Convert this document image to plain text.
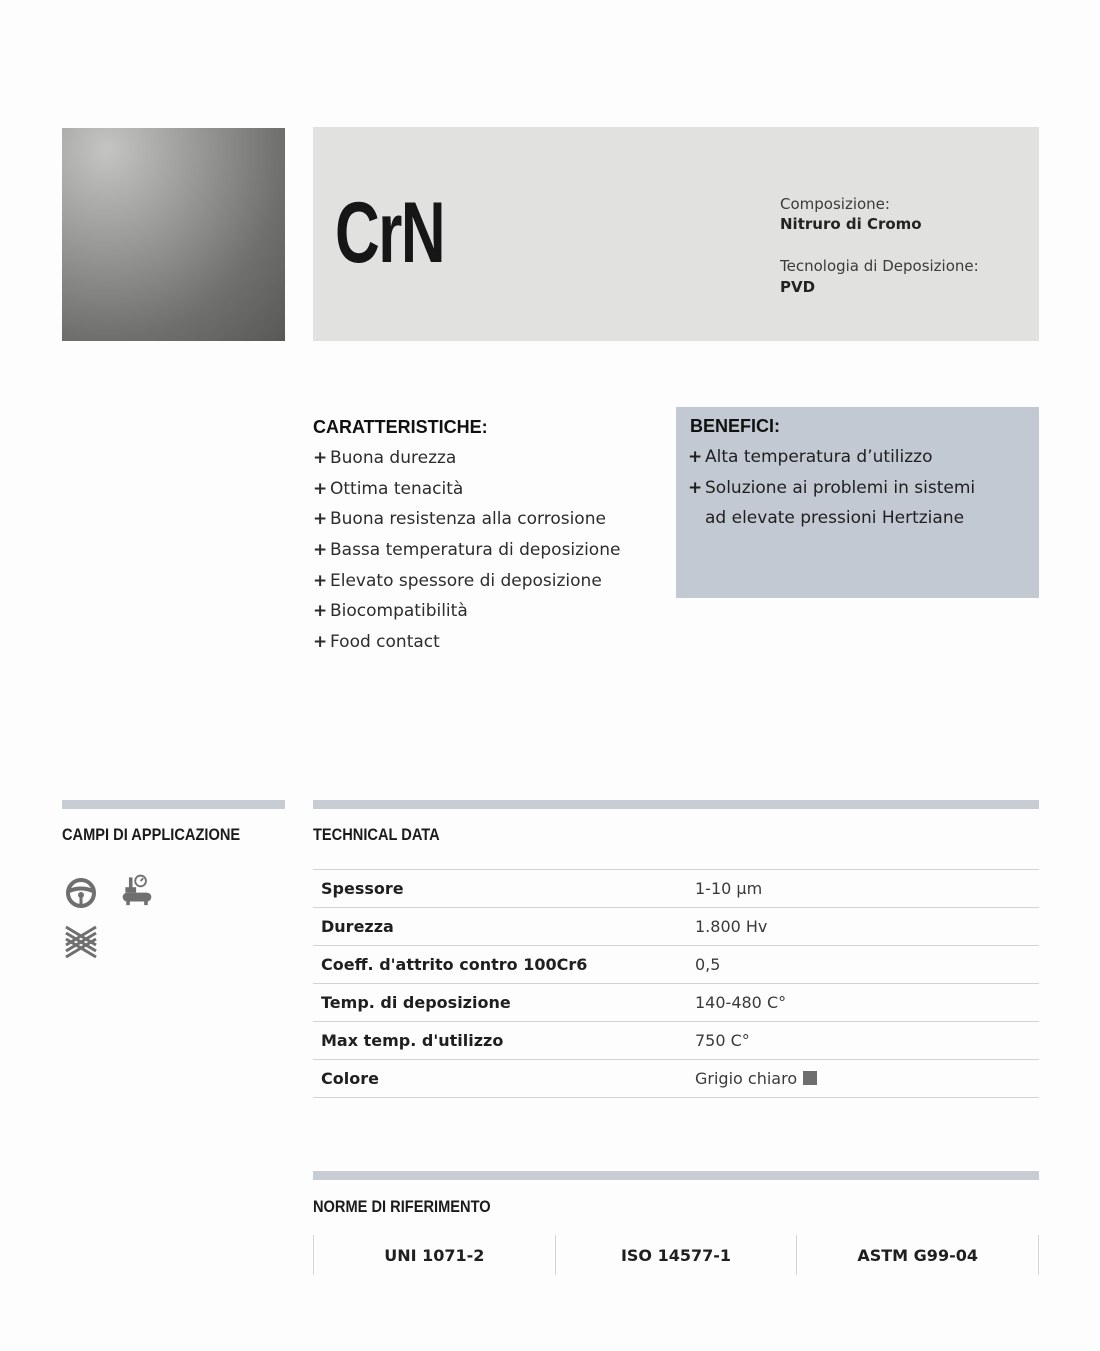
CrN	Composizione:
Nitruro di Cromo
Tecnologia di Deposizione:
PVD
CARATTERISTICHE:
+ Buona durezza
+ Ottima tenacità
+ Buona resistenza alla corrosione
+ Bassa temperatura di deposizione
+ Elevato spessore di deposizione
+ Biocompatibilità
+ Food contact
BENEFICI:
+ Alta temperatura d’utilizzo
+ Soluzione ai problemi in sistemi
ad elevate pressioni Hertziane
CAMPI DI APPLICAZIONE	TECHNICAL DATA
Spessore	1-10 µm
Durezza	1.800 Hv
Coeff. d'attrito contro 100Cr6	0,5
Temp. di deposizione	140-480 C°
Max temp. d'utilizzo	750 C°
Colore	Grigio chiaro
NORME DI RIFERIMENTO
UNI 1071-2	ISO 14577-1	ASTM G99-04
